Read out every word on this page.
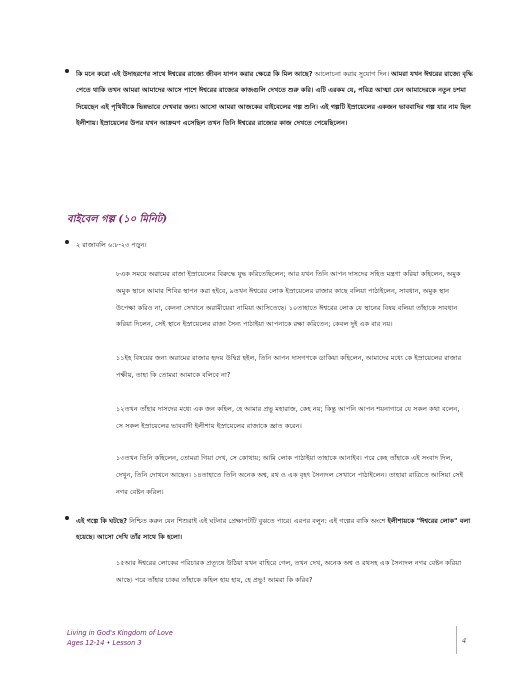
কি মনে করো এই উদাহরণের সাথে ঈশ্বরের রাজ্যে জীবন যাপন করার ক্ষেত্রে কি মিল আছে? আলোচনা করার সুযোগ দিন। আমরা যখন ঈশ্বরের রাজ্যে বৃদ্ধি পেতে থাকি তখন আমরা আমাদের আসে পাশে ঈশ্বরের রাজ্যের কাজগুলি দেখতে শুরু করি। এটি এরকম যে, পবিত্র আত্মা যেন আমাদেরকে নতুন চশমা দিয়েছেন এই পৃথিবীকে ভিন্নভাবে দেখবার জন্য। আসো আমরা আজকের বাইবেলের গল্প শুনি। এই গল্পটি ইস্রায়েলের একজন ভাববাদির গল্প যার নাম ছিল ইলীশায়। ইস্রায়েলের উপর যখন আক্রমণ এসেছিল তখন তিনি ঈশ্বরের রাজ্যের কাজ দেখতে পেয়েছিলেন।
বাইবেল গল্প (১০ মিনিট)
২ রাজাবলি ৬:৮-২৩ পড়ুন।
৮এক সময়ে অরামের রাজা ইস্রায়েলের বিরুদ্ধে যুদ্ধ করিতেছিলেন; আর যখন তিনি আপন দাসদের সহিত মন্ত্রণা করিয়া কহিলেন, অমুক অমুক স্থানে আমার শিবির স্থাপন করা হইবে, ৯তখন ঈশ্বরের লোক ইস্রায়েলের রাজার কাছে বলিয়া পাঠাইলেন, সাবধান, অমুক স্থান উপেক্ষা করিও না, কেননা সেখানে অরামীয়েরা নামিয়া আসিতেছে। ১০তাহাতে ঈশ্বরের লোক যে স্থানের বিষয় বলিয়া তাঁহাকে সাবধান করিয়া দিলেন, সেই স্থানে ইস্রায়েলের রাজা সৈন্য পাঠাইয়া আপনাকে রক্ষা করিতেন; কেবল দুই এক বার নয়।
১১ইহ বিষয়ের জন্য অরামের রাজার হৃদয় উদ্বিগ্ন হইল, তিনি আপন দাসগণকে ডাকিয়া কহিলেন, আমাদের মধ্যে কে ইস্রায়েলের রাজার পক্ষীয়, তাহা কি তোমরা আমাকে বলিবে না?
১২তখন তাঁহার দাসদের মধ্যে এক জন কহিল, হে আমার প্রভু মহারাজ, কেহ নয়; কিন্তু আপনি আপন শয়নাগারে যে সকল কথা বলেন, সে সকল ইস্রায়েলের ভাববাদী ইলীশায় ইস্রায়েলের রাজাকে জ্ঞাত করেন।
১৩তখন তিনি কহিলেন, তোমরা গিয়া দেখ, সে কোথায়; আমি লোক পাঠাইয়া তাহাকে আনাইব। পরে কেহ তাঁহাকে এই সংবাদ দিল, দেখুন, তিনি দোথনে আছেন। ১৪তাহাতে তিনি অনেক অশ্ব, রথ ও এক বৃহৎ সৈন্যদল সেখানে পাঠাইলেন। তাহারা রাত্রিতে আসিয়া সেই নগর বেষ্টন করিল।
এই গল্পে কি ঘটছে? নিশ্চিত করুন যেন শিশুরাই এই ঘটনার প্রেক্ষাপটটি বুঝতে পারে। এরপর বলুন: এই গল্পের বাকি অংশে ইলীশায়কে "ঈশ্বরের লোক" বলা হয়েছে। আসো দেখি তাঁর সাথে কি হলো।
১৫আর ঈশ্বরের লোকের পরিচারক প্রত্যূষে উঠিয়া যখন বাহিরে গেল, তখন দেখ, অনেক অশ্ব ও রথসহ এক সৈন্যদল নগর বেষ্টন করিয়া আছে। পরে তাঁহার চাকর তাঁহাকে কহিল হায় হায়, হে প্রভু! আমরা কি করিব?
Living in God's Kingdom of Love
Ages 12-14 • Lesson 3	4
